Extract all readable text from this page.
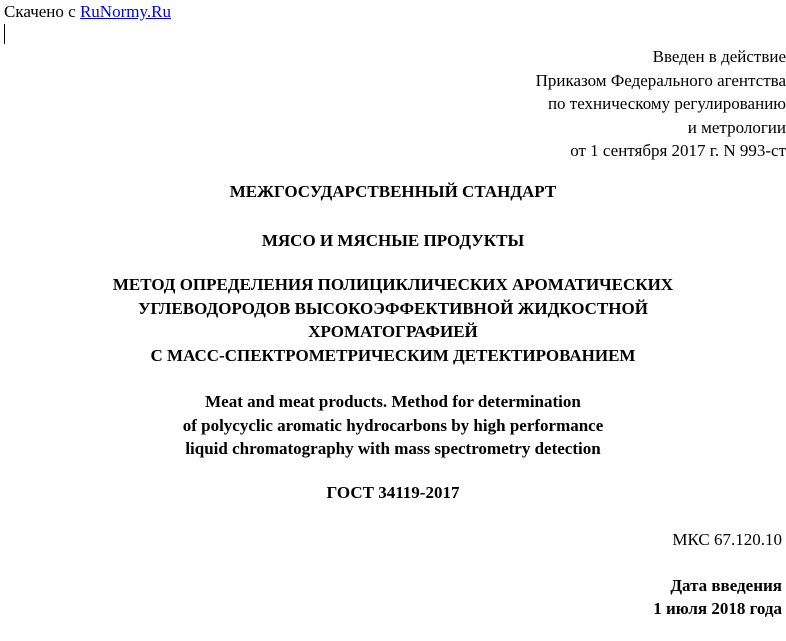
Скачено с RuNormy.Ru
Введен в действие
Приказом Федерального агентства
по техническому регулированию
и метрологии
от 1 сентября 2017 г. N 993-ст
МЕЖГОСУДАРСТВЕННЫЙ СТАНДАРТ
МЯСО И МЯСНЫЕ ПРОДУКТЫ
МЕТОД ОПРЕДЕЛЕНИЯ ПОЛИЦИКЛИЧЕСКИХ АРОМАТИЧЕСКИХ
УГЛЕВОДОРОДОВ ВЫСОКОЭФФЕКТИВНОЙ ЖИДКОСТНОЙ
ХРОМАТОГРАФИЕЙ
С МАСС-СПЕКТРОМЕТРИЧЕСКИМ ДЕТЕКТИРОВАНИЕМ
Meat and meat products. Method for determination
of polycyclic aromatic hydrocarbons by high performance
liquid chromatography with mass spectrometry detection
ГОСТ 34119-2017
МКС 67.120.10
Дата введения
1 июля 2018 года
